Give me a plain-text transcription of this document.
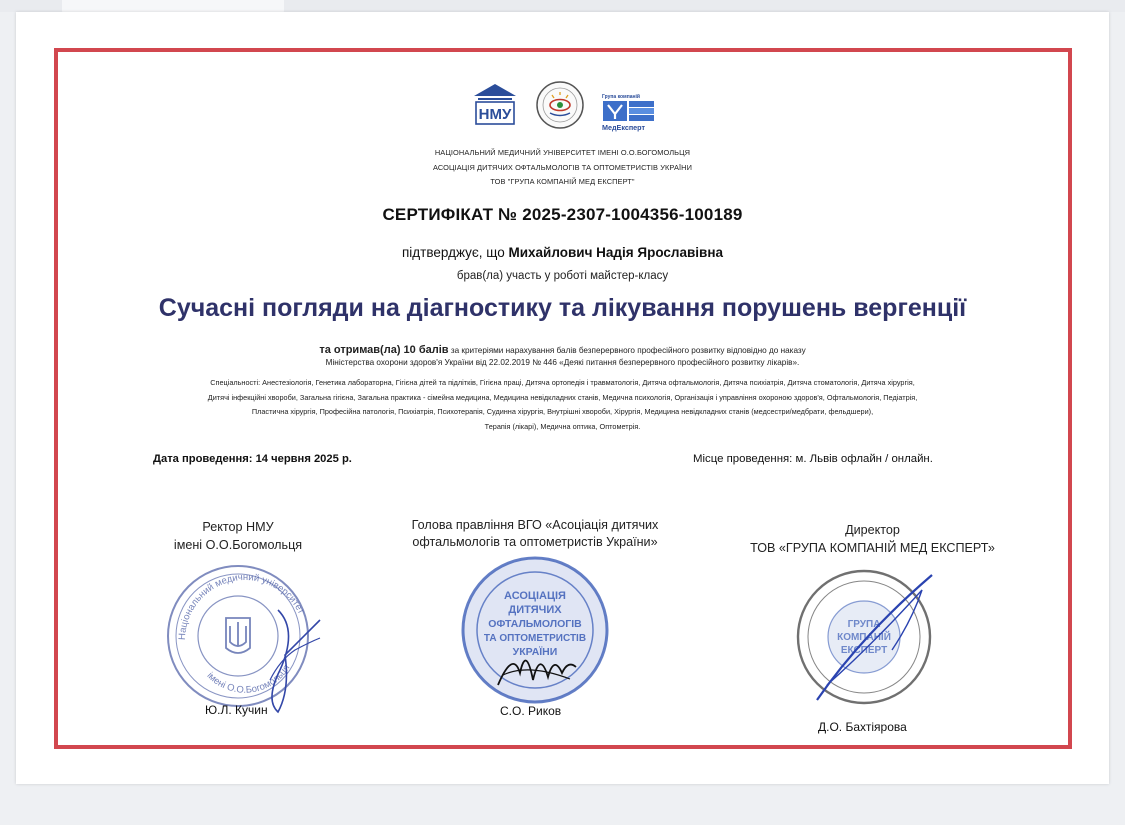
НМУ
Група компаній
МедЕксперт
НАЦІОНАЛЬНИЙ МЕДИЧНИЙ УНІВЕРСИТЕТ ІМЕНІ О.О.БОГОМОЛЬЦЯ
АСОЦІАЦІЯ ДИТЯЧИХ ОФТАЛЬМОЛОГІВ ТА ОПТОМЕТРИСТІВ УКРАЇНИ
ТОВ "ГРУПА КОМПАНІЙ МЕД ЕКСПЕРТ"
СЕРТИФІКАТ № 2025-2307-1004356-100189
підтверджує, що Михайлович Надія Ярославівна
брав(ла) участь у роботі майстер-класу
Сучасні погляди на діагностику та лікування порушень вергенції
та отримав(ла) 10 балів за критеріями нарахування балів безперервного професійного розвитку відповідно до наказу
Міністерства охорони здоров'я України від 22.02.2019 № 446 «Деякі питання безперервного професійного розвитку лікарів».
Спеціальності: Анестезіологія, Генетика лабораторна, Гігієна дітей та підлітків, Гігієна праці, Дитяча ортопедія і травматологія, Дитяча офтальмологія, Дитяча психіатрія, Дитяча стоматологія, Дитяча хірургія,
Дитячі інфекційні хвороби, Загальна гігієна, Загальна практика - сімейна медицина, Медицина невідкладних станів, Медична психологія, Організація і управління охороною здоров'я, Офтальмологія, Педіатрія,
Пластична хірургія, Професійна патологія, Психіатрія, Психотерапія, Судинна хірургія, Внутрішні хвороби, Хірургія, Медицина невідкладних станів (медсестри/медбрати, фельдшери),
Терапія (лікарі), Медична оптика, Оптометрія.
Дата проведення: 14 червня 2025 р.	Місце проведення: м. Львів офлайн / онлайн.
Ректор НМУ
імені О.О.Богомольця
Голова правління ВГО «Асоціація дитячих
офтальмологів та оптометристів України»
Директор
ТОВ «ГРУПА КОМПАНІЙ МЕД ЕКСПЕРТ»
Національний медичний університет
імені О.О.Богомольця
АСОЦІАЦІЯ
ДИТЯЧИХ
ОФТАЛЬМОЛОГІВ
ТА ОПТОМЕТРИСТІВ
УКРАЇНИ
ГРУПА
КОМПАНІЙ
ЕКСПЕРТ
Ю.Л. Кучин	С.О. Риков
Д.О. Бахтіярова
